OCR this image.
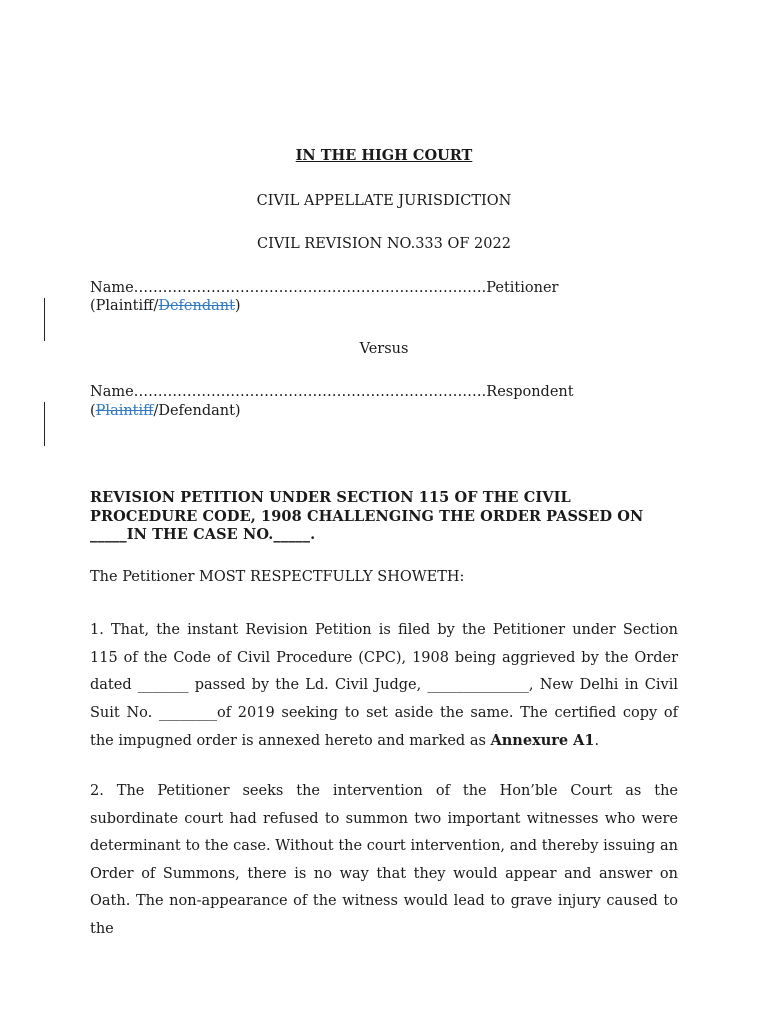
IN THE HIGH COURT
CIVIL APPELLATE JURISDICTION
CIVIL REVISION NO.333 OF 2022
Name……………………………………………………………….Petitioner
(Plaintiff/Defendant)
Versus
Name……………………………………………………………….Respondent
(Plaintiff/Defendant)
REVISION PETITION UNDER SECTION 115 OF THE CIVIL PROCEDURE CODE, 1908 CHALLENGING THE ORDER PASSED ON _____IN THE CASE NO._____.
The Petitioner MOST RESPECTFULLY SHOWETH:
1. That, the instant Revision Petition is filed by the Petitioner under Section 115 of the Code of Civil Procedure (CPC), 1908 being aggrieved by the Order dated _______ passed by the Ld. Civil Judge, ______________, New Delhi in Civil Suit No. ________of 2019 seeking to set aside the same. The certified copy of the impugned order is annexed hereto and marked as Annexure A1.
2. The Petitioner seeks the intervention of the Hon’ble Court as the subordinate court had refused to summon two important witnesses who were determinant to the case. Without the court intervention, and thereby issuing an Order of Summons, there is no way that they would appear and answer on Oath. The non-appearance of the witness would lead to grave injury caused to the
